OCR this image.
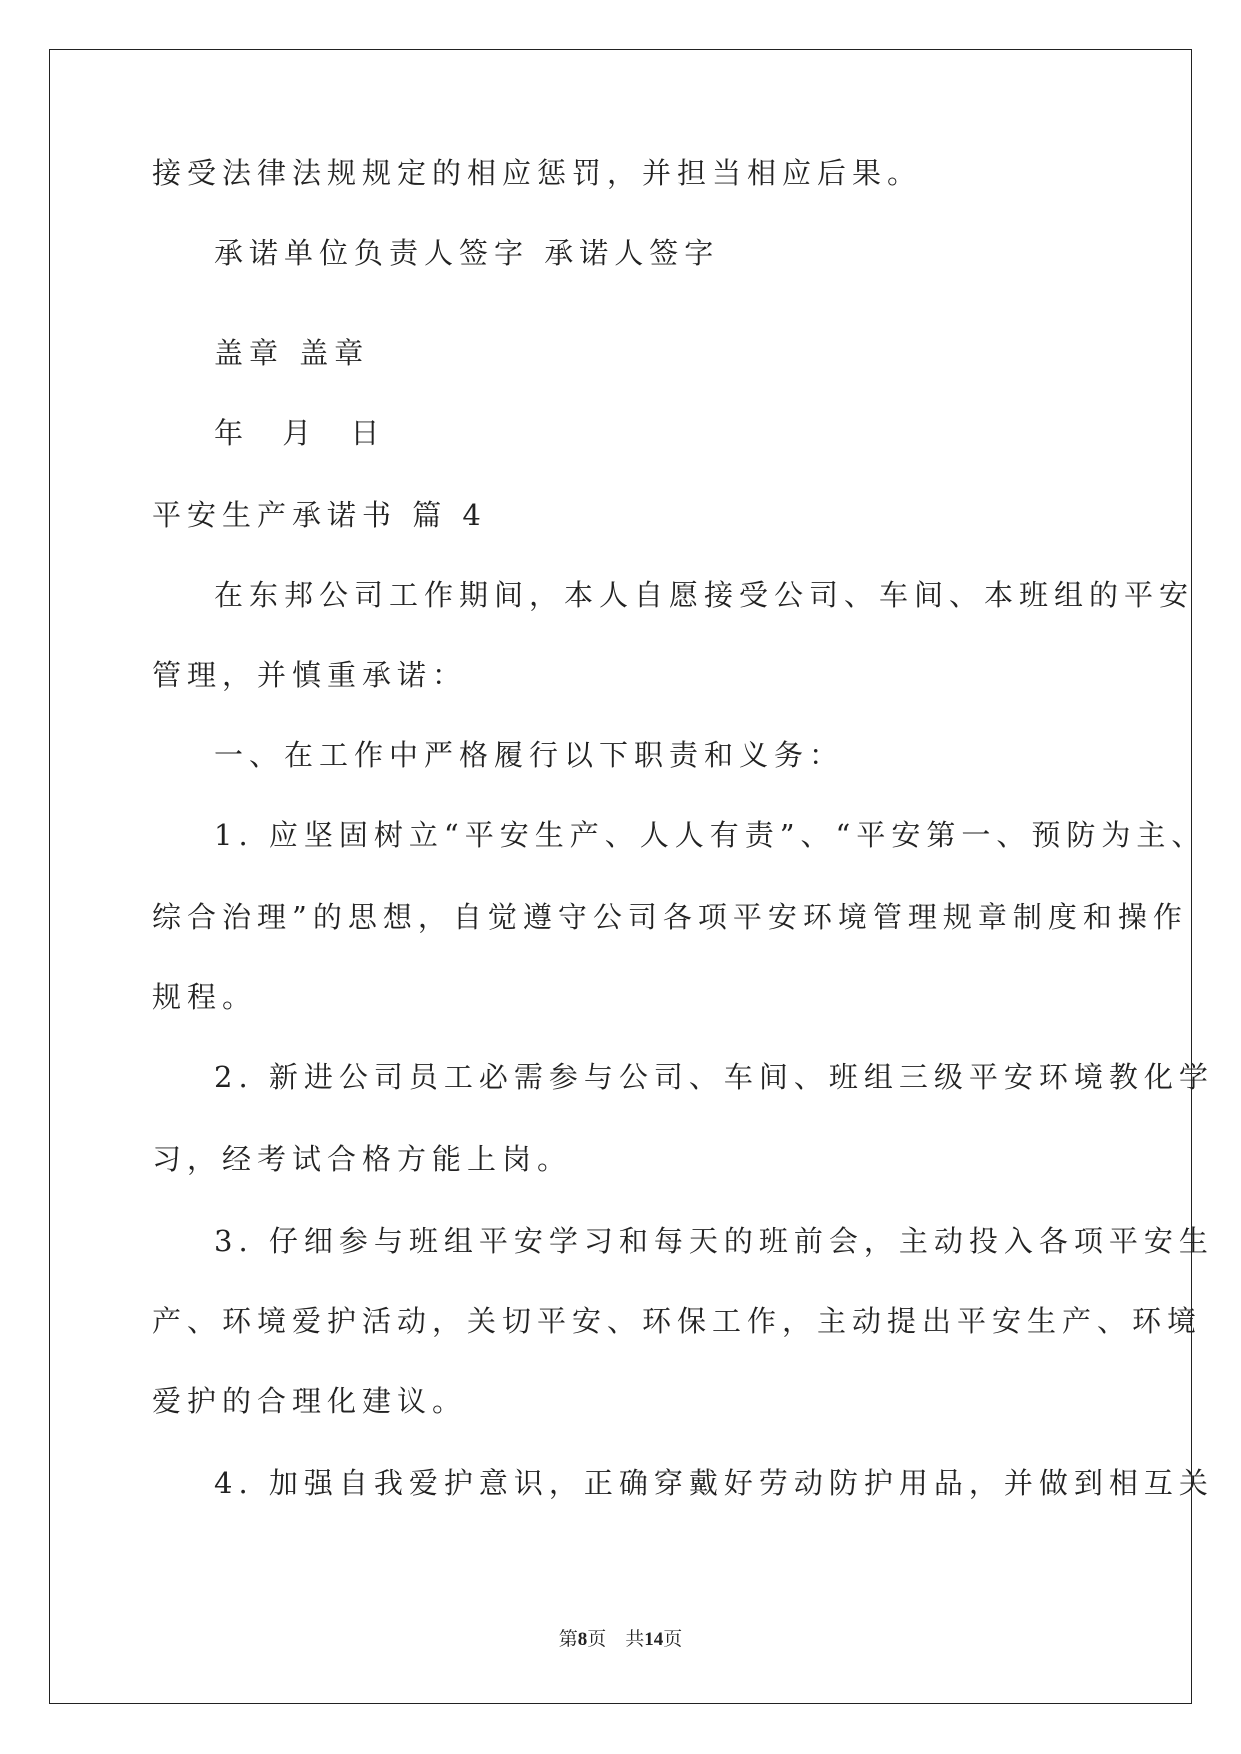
接受法律法规规定的相应惩罚，并担当相应后果。
承诺单位负责人签字 承诺人签字
盖章 盖章
年 月 日
平安生产承诺书 篇 4
在东邦公司工作期间，本人自愿接受公司、车间、本班组的平安
管理，并慎重承诺：
一、在工作中严格履行以下职责和义务：
1. 应坚固树立“平安生产、人人有责”、“平安第一、预防为主、
综合治理”的思想，自觉遵守公司各项平安环境管理规章制度和操作
规程。
2. 新进公司员工必需参与公司、车间、班组三级平安环境教化学
习，经考试合格方能上岗。
3. 仔细参与班组平安学习和每天的班前会，主动投入各项平安生
产、环境爱护活动，关切平安、环保工作，主动提出平安生产、环境
爱护的合理化建议。
4. 加强自我爱护意识，正确穿戴好劳动防护用品，并做到相互关
第8页 共14页
